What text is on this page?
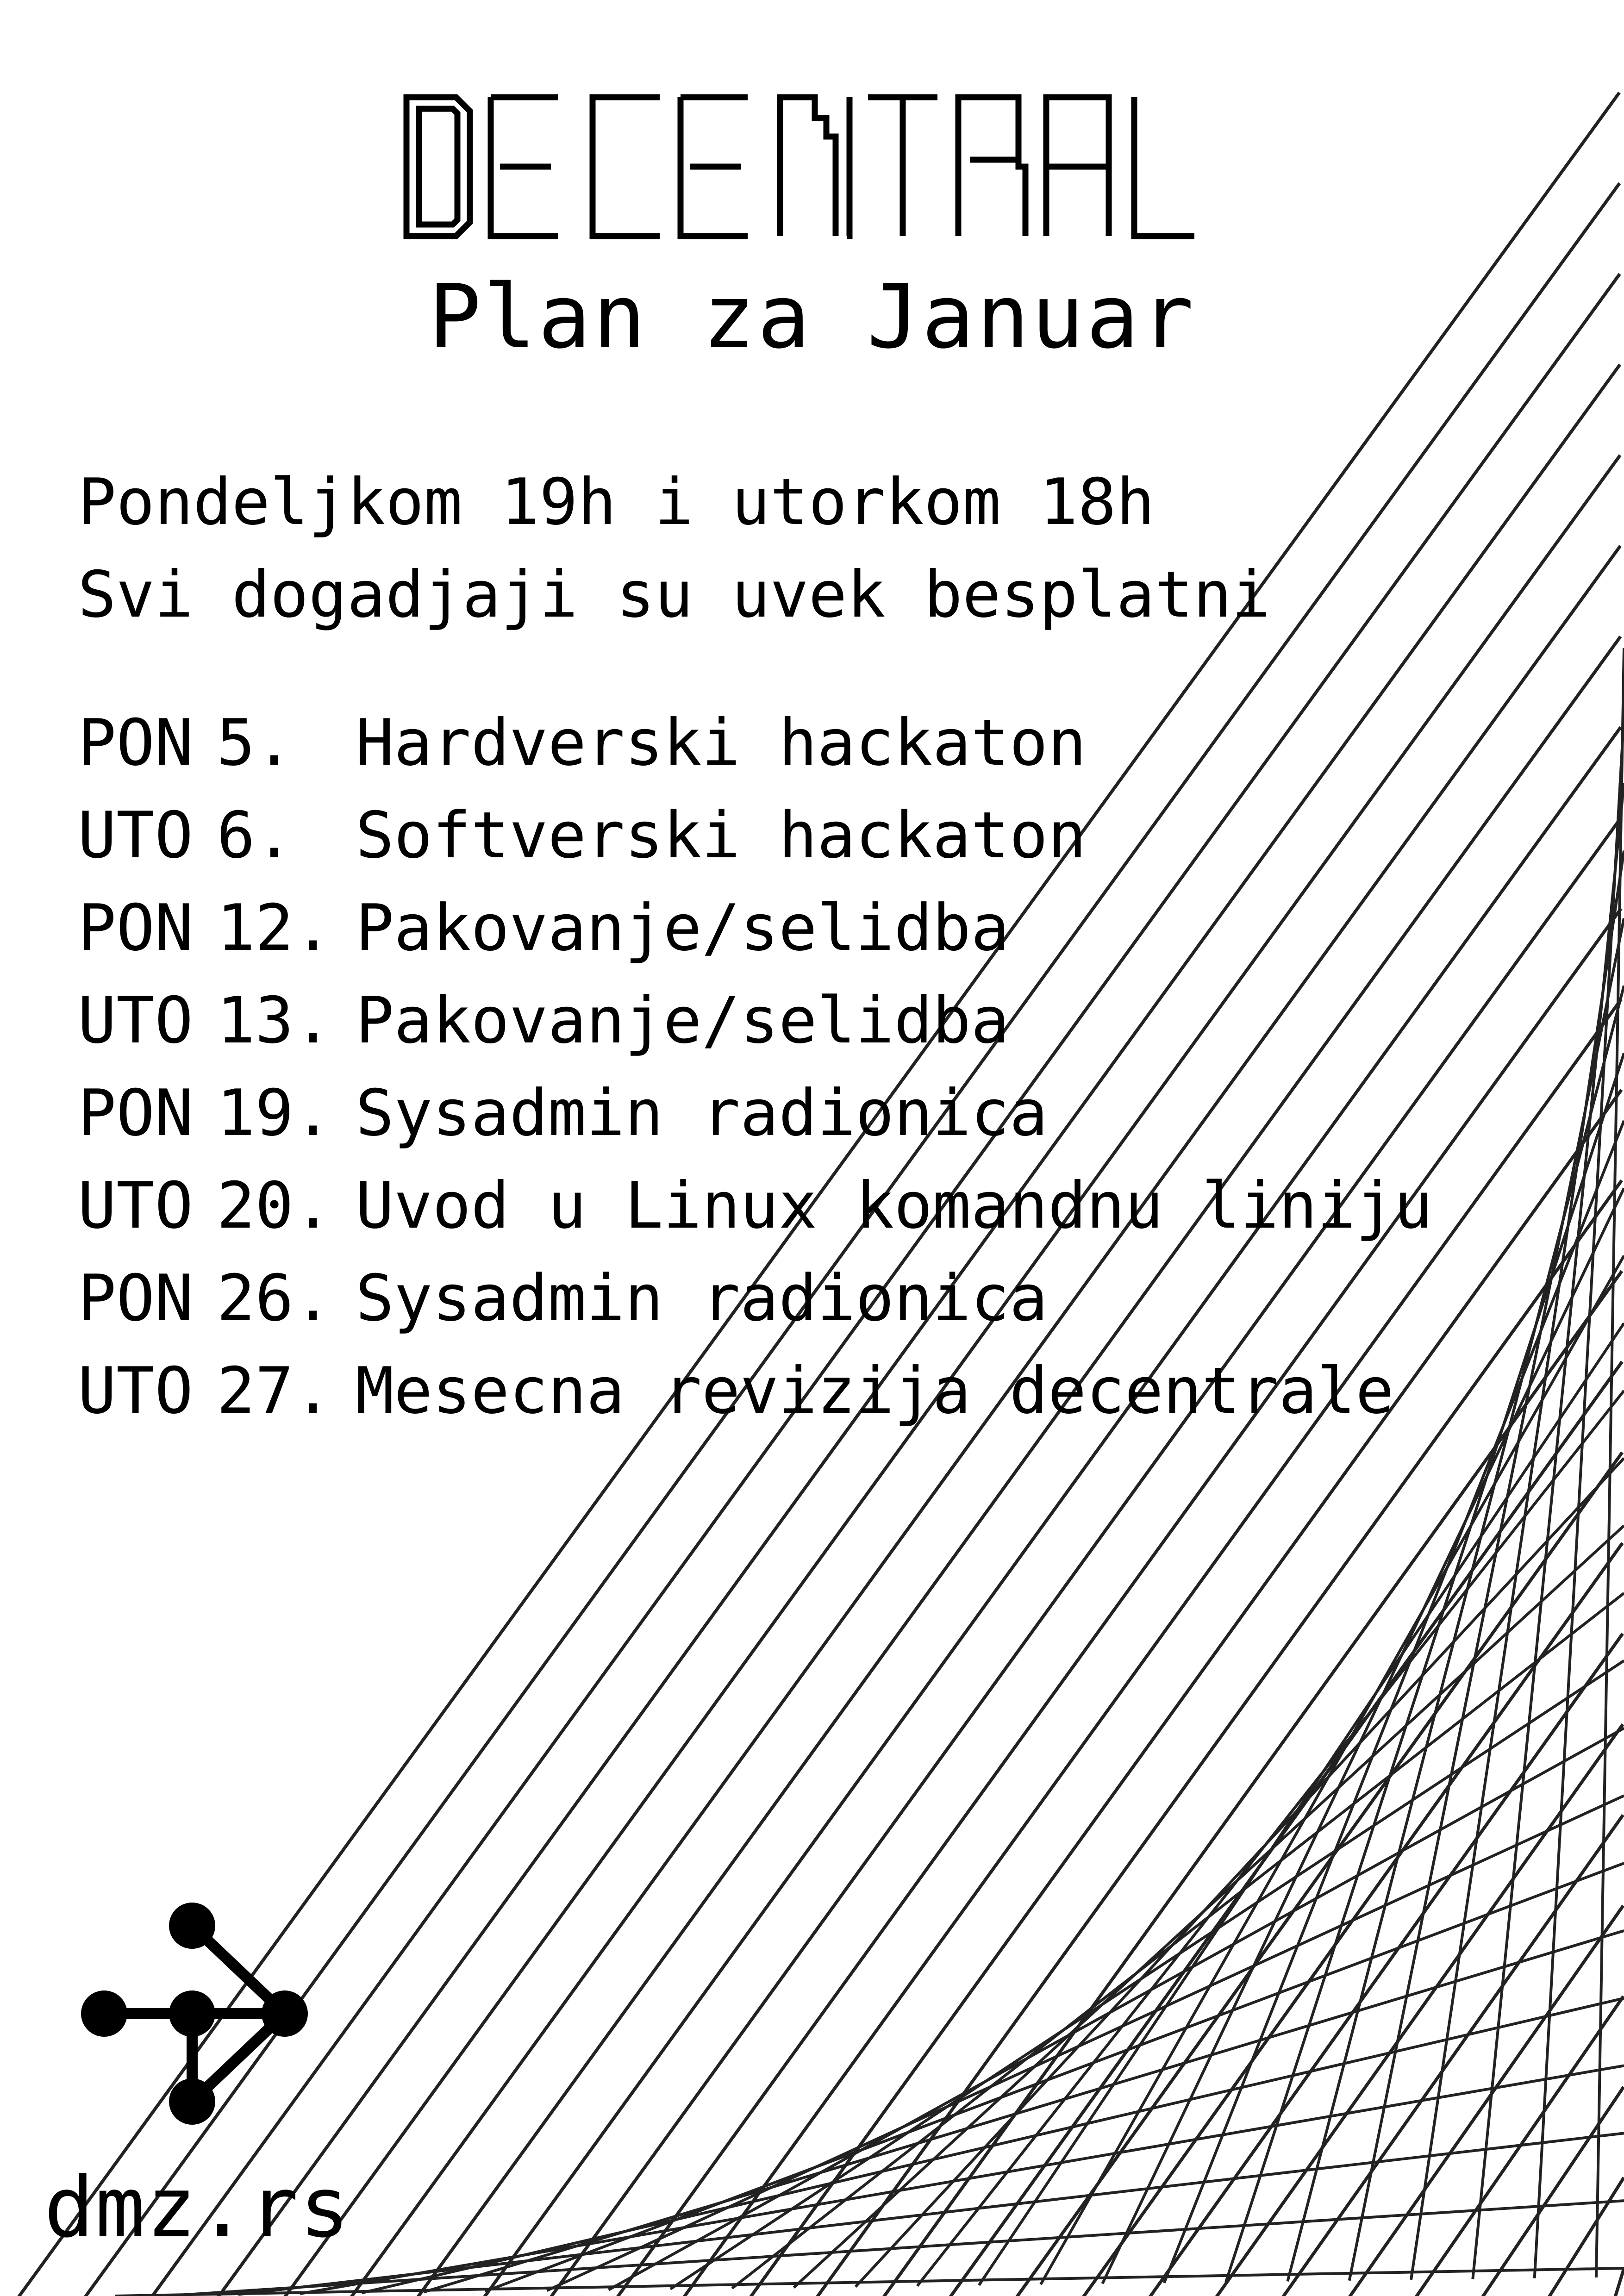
Plan za Januar
Pondeljkom 19h i utorkom 18h
Svi dogadjaji su uvek besplatni
PON 5. Hardverski hackaton
UTO 6. Softverski hackaton
PON 12. Pakovanje/selidba
UTO 13. Pakovanje/selidba
PON 19. Sysadmin radionica
UTO 20. Uvod u Linux komandnu liniju
PON 26. Sysadmin radionica
UTO 27. Mesecna revizija decentrale
dmz.rs
